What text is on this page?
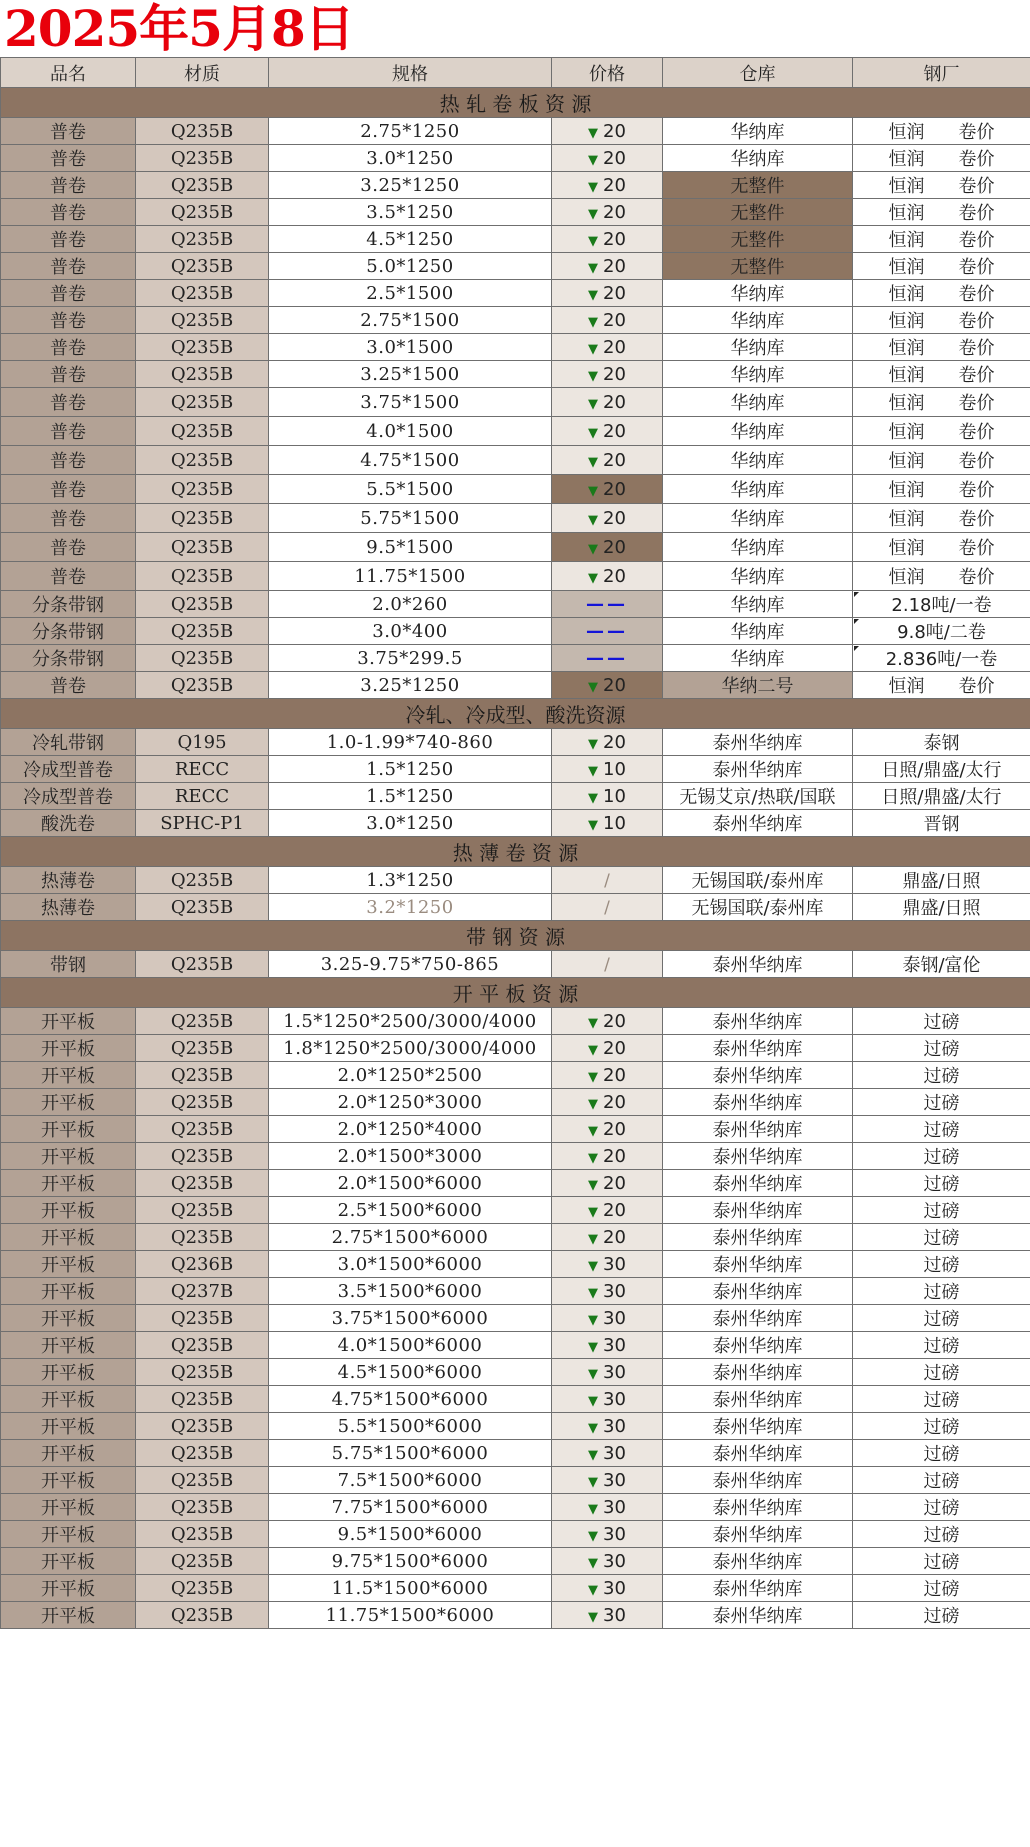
2025年5月8日
品名	材质	规格	价格	仓库	钢厂
热 轧 卷 板 资 源					
普卷	Q235B	2.75*1250	▼ 20	华纳库	恒润 卷价
普卷	Q235B	3.0*1250	▼ 20	华纳库	恒润 卷价
普卷	Q235B	3.25*1250	▼ 20	无整件	恒润 卷价
普卷	Q235B	3.5*1250	▼ 20	无整件	恒润 卷价
普卷	Q235B	4.5*1250	▼ 20	无整件	恒润 卷价
普卷	Q235B	5.0*1250	▼ 20	无整件	恒润 卷价
普卷	Q235B	2.5*1500	▼ 20	华纳库	恒润 卷价
普卷	Q235B	2.75*1500	▼ 20	华纳库	恒润 卷价
普卷	Q235B	3.0*1500	▼ 20	华纳库	恒润 卷价
普卷	Q235B	3.25*1500	▼ 20	华纳库	恒润 卷价
普卷	Q235B	3.75*1500	▼ 20	华纳库	恒润 卷价
普卷	Q235B	4.0*1500	▼ 20	华纳库	恒润 卷价
普卷	Q235B	4.75*1500	▼ 20	华纳库	恒润 卷价
普卷	Q235B	5.5*1500	▼ 20	华纳库	恒润 卷价
普卷	Q235B	5.75*1500	▼ 20	华纳库	恒润 卷价
普卷	Q235B	9.5*1500	▼ 20	华纳库	恒润 卷价
普卷	Q235B	11.75*1500	▼ 20	华纳库	恒润 卷价
分条带钢	Q235B	2.0*260	——	华纳库	2.18吨/一卷
分条带钢	Q235B	3.0*400	——	华纳库	9.8吨/二卷
分条带钢	Q235B	3.75*299.5	——	华纳库	2.836吨/一卷
普卷	Q235B	3.25*1250	▼ 20	华纳二号	恒润 卷价
冷轧、冷成型、酸洗资源					
冷轧带钢	Q195	1.0-1.99*740-860	▼ 20	泰州华纳库	泰钢
冷成型普卷	RECC	1.5*1250	▼ 10	泰州华纳库	日照/鼎盛/太行
冷成型普卷	RECC	1.5*1250	▼ 10	无锡艾京/热联/国联	日照/鼎盛/太行
酸洗卷	SPHC-P1	3.0*1250	▼ 10	泰州华纳库	晋钢
热 薄 卷 资 源					
热薄卷	Q235B	1.3*1250	/	无锡国联/泰州库	鼎盛/日照
热薄卷	Q235B	3.2*1250	/	无锡国联/泰州库	鼎盛/日照
带 钢 资 源					
带钢	Q235B	3.25-9.75*750-865	/	泰州华纳库	泰钢/富伦
开 平 板 资 源					
开平板	Q235B	1.5*1250*2500/3000/4000	▼ 20	泰州华纳库	过磅
开平板	Q235B	1.8*1250*2500/3000/4000	▼ 20	泰州华纳库	过磅
开平板	Q235B	2.0*1250*2500	▼ 20	泰州华纳库	过磅
开平板	Q235B	2.0*1250*3000	▼ 20	泰州华纳库	过磅
开平板	Q235B	2.0*1250*4000	▼ 20	泰州华纳库	过磅
开平板	Q235B	2.0*1500*3000	▼ 20	泰州华纳库	过磅
开平板	Q235B	2.0*1500*6000	▼ 20	泰州华纳库	过磅
开平板	Q235B	2.5*1500*6000	▼ 20	泰州华纳库	过磅
开平板	Q235B	2.75*1500*6000	▼ 20	泰州华纳库	过磅
开平板	Q236B	3.0*1500*6000	▼ 30	泰州华纳库	过磅
开平板	Q237B	3.5*1500*6000	▼ 30	泰州华纳库	过磅
开平板	Q235B	3.75*1500*6000	▼ 30	泰州华纳库	过磅
开平板	Q235B	4.0*1500*6000	▼ 30	泰州华纳库	过磅
开平板	Q235B	4.5*1500*6000	▼ 30	泰州华纳库	过磅
开平板	Q235B	4.75*1500*6000	▼ 30	泰州华纳库	过磅
开平板	Q235B	5.5*1500*6000	▼ 30	泰州华纳库	过磅
开平板	Q235B	5.75*1500*6000	▼ 30	泰州华纳库	过磅
开平板	Q235B	7.5*1500*6000	▼ 30	泰州华纳库	过磅
开平板	Q235B	7.75*1500*6000	▼ 30	泰州华纳库	过磅
开平板	Q235B	9.5*1500*6000	▼ 30	泰州华纳库	过磅
开平板	Q235B	9.75*1500*6000	▼ 30	泰州华纳库	过磅
开平板	Q235B	11.5*1500*6000	▼ 30	泰州华纳库	过磅
开平板	Q235B	11.75*1500*6000	▼ 30	泰州华纳库	过磅
